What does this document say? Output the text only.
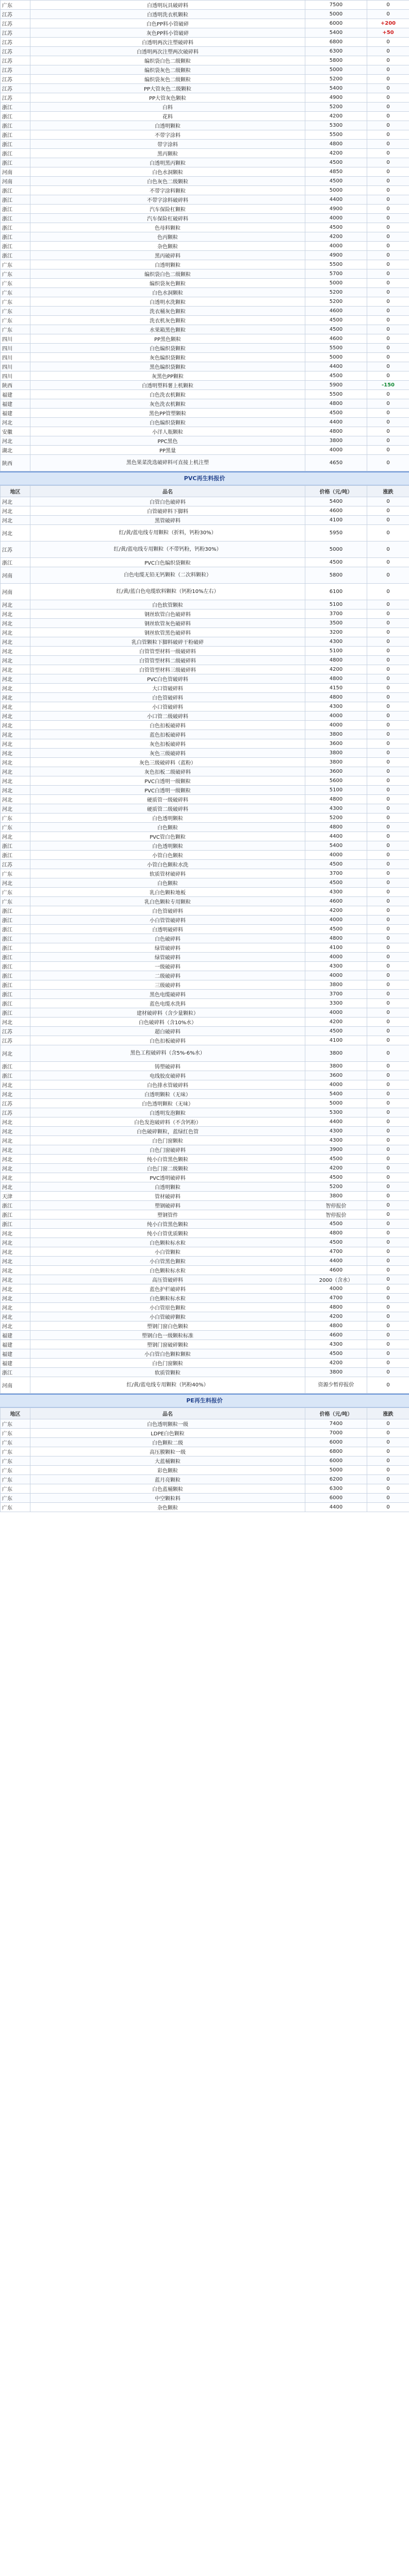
广东	白透明玩具破碎料	7500	0
江苏	白透明洗衣机颗粒	5000	0
江苏	白色PP料小管破碎	6000	+200
江苏	灰色PP料小管破碎	5400	+50
江苏	白透明两次注塑破碎料	6800	0
江苏	白透明两次注塑两次破碎料	6300	0
江苏	编织袋白色二级颗粒	5800	0
江苏	编织袋灰色二级颗粒	5000	0
江苏	编织袋灰色二级颗粒	5200	0
江苏	PP大管灰色二级颗粒	5400	0
江苏	PP大管灰色颗粒	4900	0
浙江	白料	5200	0
浙江	花料	4200	0
浙江	白透明颗粒	5300	0
浙江	不带字涂料	5500	0
浙江	带字涂料	4800	0
浙江	黑丙颗粒	4200	0
浙江	白透明黑丙颗粒	4500	0
河南	白色水洞颗粒	4850	0
河南	白色灰色二级颗粒	4500	0
浙江	不带字涂料颗粒	5000	0
浙江	不带字涂料破碎料	4400	0
浙江	汽车保险杠颗粒	4900	0
浙江	汽车保险杠破碎料	4000	0
浙江	色母料颗粒	4500	0
浙江	色丙颗粒	4200	0
浙江	杂色颗粒	4000	0
浙江	黑丙破碎料	4900	0
广东	白透明颗粒	5500	0
广东	编织袋白色二级颗粒	5700	0
广东	编织袋灰色颗粒	5000	0
广东	白色水洞颗粒	5200	0
广东	白透明水洗颗粒	5200	0
广东	洗衣桶灰色颗粒	4600	0
广东	洗衣机灰色颗粒	4500	0
广东	水果箱黑色颗粒	4500	0
四川	PP黑色颗粒	4600	0
四川	白色编织袋颗粒	5500	0
四川	灰色编织袋颗粒	5000	0
四川	黑色编织袋颗粒	4400	0
四川	灰黑色PP颗粒	4500	0
陕西	白透明塑料薯上机颗粒	5900	-150
福建	白色洗衣机颗粒	5500	0
福建	灰色洗衣机颗粒	4800	0
福建	黑色PP管塑颗粒	4500	0
河北	白色编织袋颗粒	4400	0
安徽	小洋人瓶颗粒	4800	0
河北	PPC黑色	3800	0
湖北	PP黑量	4000	0
陕西	黑色果菜洗选破碎料可直接上机注塑	4650	0
PVC再生料报价
地区	品名	价格（元/吨）	涨跌
河北	白管白色破碎料	5400	0
河北	白管破碎料下脚料	4600	0
河北	黑管破碎料	4100	0
河北	红/黄/蓝电线专用颗粒（折料，钙粉30%）	5950	0
江苏	红/黄/蓝电线专用颗粒（不带钙粉，钙粉30%）	5000	0
浙江	PVC白色编织袋颗粒	4500	0
河南	白色电缆无铅无钙颗粒（二次料颗粒）	5800	0
河南	红/黄/蓝白色电缆软料颗粒（钙粉10%左右）	6100	0
河北	白色软管颗粒	5100	0
河北	钢丝软管白色破碎料	3700	0
河北	钢丝软管灰色破碎料	3500	0
河北	钢丝软管黑色破碎料	3200	0
河北	乳白管颗粒下脚料破碎干粉破碎	4300	0
河北	白管管型材料一级破碎料	5100	0
河北	白管管型材料二级破碎料	4800	0
河北	白管管型材料三级破碎料	4200	0
河北	PVC白色管破碎料	4800	0
河北	大口管破碎料	4150	0
河北	白色管破碎料	4800	0
河北	小口管破碎料	4300	0
河北	小口管二级破碎料	4000	0
河北	白色扣板破碎料	4000	0
河北	蓝色扣板破碎料	3800	0
河北	灰色扣板破碎料	3600	0
河北	灰色三级破碎料	3800	0
河北	灰色三级破碎料（蓝粉）	3800	0
河北	灰色扣板二级破碎料	3600	0
河北	PVC白透明一级颗粒	5600	0
河北	PVC白透明一级颗粒	5100	0
河北	硬质管一级破碎料	4800	0
河北	硬质管二级破碎料	4300	0
广东	白色透明颗粒	5200	0
广东	白色颗粒	4800	0
河北	PVC管白色颗粒	4400	0
浙江	白色透明颗粒	5400	0
浙江	小管白色颗粒	4000	0
江苏	小管白色颗粒水洗	4500	0
广东	软质管材破碎料	3700	0
河北	白色颗粒	4500	0
广东	乳白色颗粒地板	4300	0
广东	乳白色颗粒专用颗粒	4600	0
浙江	白色管破碎料	4200	0
浙江	小白管管破碎料	4000	0
浙江	白透明破碎料	4500	0
浙江	白色破碎料	4800	0
浙江	绿管破碎料	4100	0
浙江	绿管破碎料	4000	0
浙江	一级破碎料	4300	0
浙江	二级破碎料	4000	0
浙江	三级破碎料	3800	0
浙江	黑色电缆破碎料	3700	0
浙江	蓝色电缆水洗料	3300	0
浙江	建材破碎料（含少量颗粒）	4000	0
河北	白色破碎料（含10%水）	4200	0
江苏	超白破碎料	4500	0
江苏	白色扣板破碎料	4100	0
河北	黑色工程破碎料（含5%-6%水）	3800	0
浙江	铸塑破碎料	3800	0
浙江	电线胶皮破碎料	3600	0
河北	白色排水管破碎料	4000	0
河北	白透明颗粒（无味）	5400	0
江苏	白色透明颗粒（无味）	5000	0
江苏	白透明发泡颗粒	5300	0
河北	白色发泡破碎料（不含钙粉）	4400	0
河北	白色破碎颗粒，蓝绿红色管	4300	0
河北	白色门窗颗粒	4300	0
河北	白色门窗破碎料	3900	0
河北	纯小白管黑色颗粒	4500	0
河北	白色门窗二级颗粒	4200	0
河北	PVC透明破碎料	4500	0
河北	白透明颗粒	5200	0
天津	管材破碎料	3800	0
浙江	塑钢破碎料	智停报价	0
浙江	塑钢管件	智停报价	0
浙江	纯小白管黑色颗粒	4500	0
河北	纯小白管优质颗粒	4800	0
河北	白色颗粒标水粒	4500	0
河北	小白管颗粒	4700	0
河北	小白管黑色颗粒	4400	0
河北	白色颗粒标水粒	4600	0
河北	高压管破碎料	2000（含水）	0
河北	蓝色护栏破碎料	4000	0
河北	白色颗粒标水粒	4700	0
河北	小白管原色颗粒	4800	0
河北	小白管破碎颗粒	4200	0
河北	塑钢门窗白色颗粒	4800	0
福建	塑钢白色一级颗粒标准	4600	0
福建	塑钢门窗破碎颗粒	4300	0
福建	小白管白色颗粒颗粒	4500	0
福建	白色门窗颗粒	4200	0
浙江	软质管颗粒	3800	0
河南	红/黄/蓝电线专用颗粒（钙粉40%）	资源少暂停报价	0
PE再生料报价
地区	品名	价格（元/吨）	涨跌
广东	白色透明颗粒一级	7400	0
广东	LDPE白色颗粒	7000	0
广东	白色颗粒二级	6000	0
广东	高压膜颗粒一级	6800	0
广东	大蓝桶颗粒	6000	0
广东	彩色颗粒	5000	0
广东	蓝月亮颗粒	6200	0
广东	白色蓝桶颗粒	6300	0
广东	中空颗粒料	6000	0
广东	杂色颗粒	4400	0
